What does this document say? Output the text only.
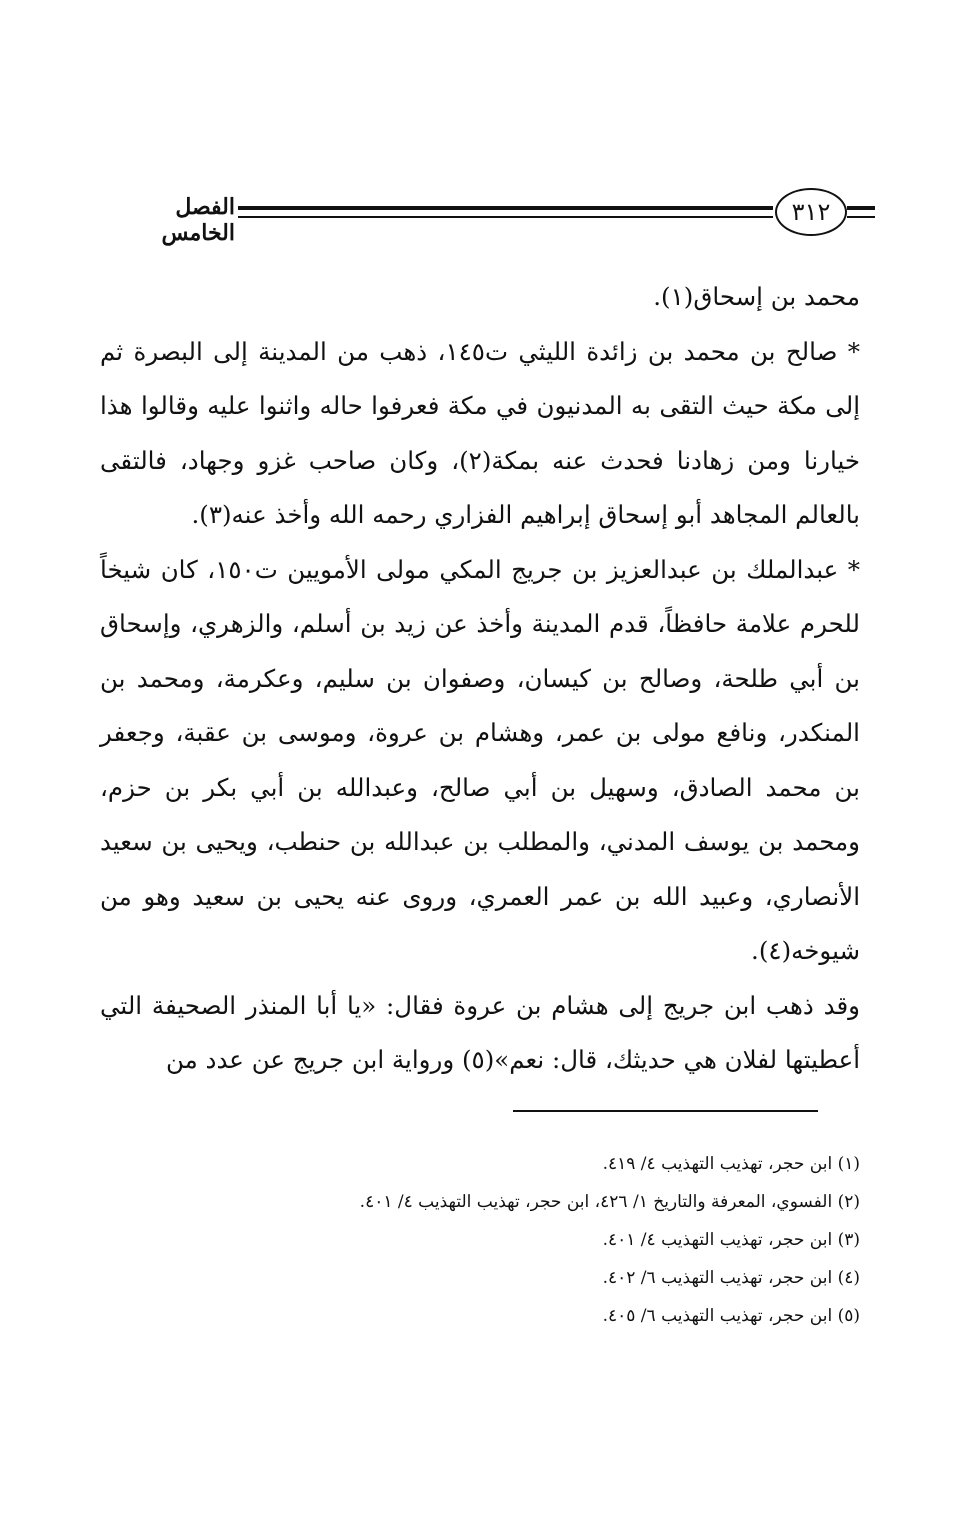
الفصل الخامس
٣١٢

محمد بن إسحاق(١).

* صالح بن محمد بن زائدة الليثي ت١٤٥، ذهب من المدينة إلى البصرة ثم إلى مكة حيث التقى به المدنيون في مكة فعرفوا حاله واثنوا عليه وقالوا هذا خيارنا ومن زهادنا فحدث عنه بمكة(٢)، وكان صاحب غزو وجهاد، فالتقى بالعالم المجاهد أبو إسحاق إبراهيم الفزاري رحمه الله وأخذ عنه(٣).

* عبدالملك بن عبدالعزيز بن جريج المكي مولى الأمويين ت١٥٠، كان شيخاً للحرم علامة حافظاً، قدم المدينة وأخذ عن زيد بن أسلم، والزهري، وإسحاق بن أبي طلحة، وصالح بن كيسان، وصفوان بن سليم، وعكرمة، ومحمد بن المنكدر، ونافع مولى بن عمر، وهشام بن عروة، وموسى بن عقبة، وجعفر بن محمد الصادق، وسهيل بن أبي صالح، وعبدالله بن أبي بكر بن حزم، ومحمد بن يوسف المدني، والمطلب بن عبدالله بن حنطب، ويحيى بن سعيد الأنصاري، وعبيد الله بن عمر العمري، وروى عنه يحيى بن سعيد وهو من شيوخه(٤).

وقد ذهب ابن جريج إلى هشام بن عروة فقال: «يا أبا المنذر الصحيفة التي أعطيتها لفلان هي حديثك، قال: نعم»(٥) ورواية ابن جريج عن عدد من

(١) ابن حجر، تهذيب التهذيب ٤/ ٤١٩.
(٢) الفسوي، المعرفة والتاريخ ١/ ٤٢٦، ابن حجر، تهذيب التهذيب ٤/ ٤٠١.
(٣) ابن حجر، تهذيب التهذيب ٤/ ٤٠١.
(٤) ابن حجر، تهذيب التهذيب ٦/ ٤٠٢.
(٥) ابن حجر، تهذيب التهذيب ٦/ ٤٠٥.
